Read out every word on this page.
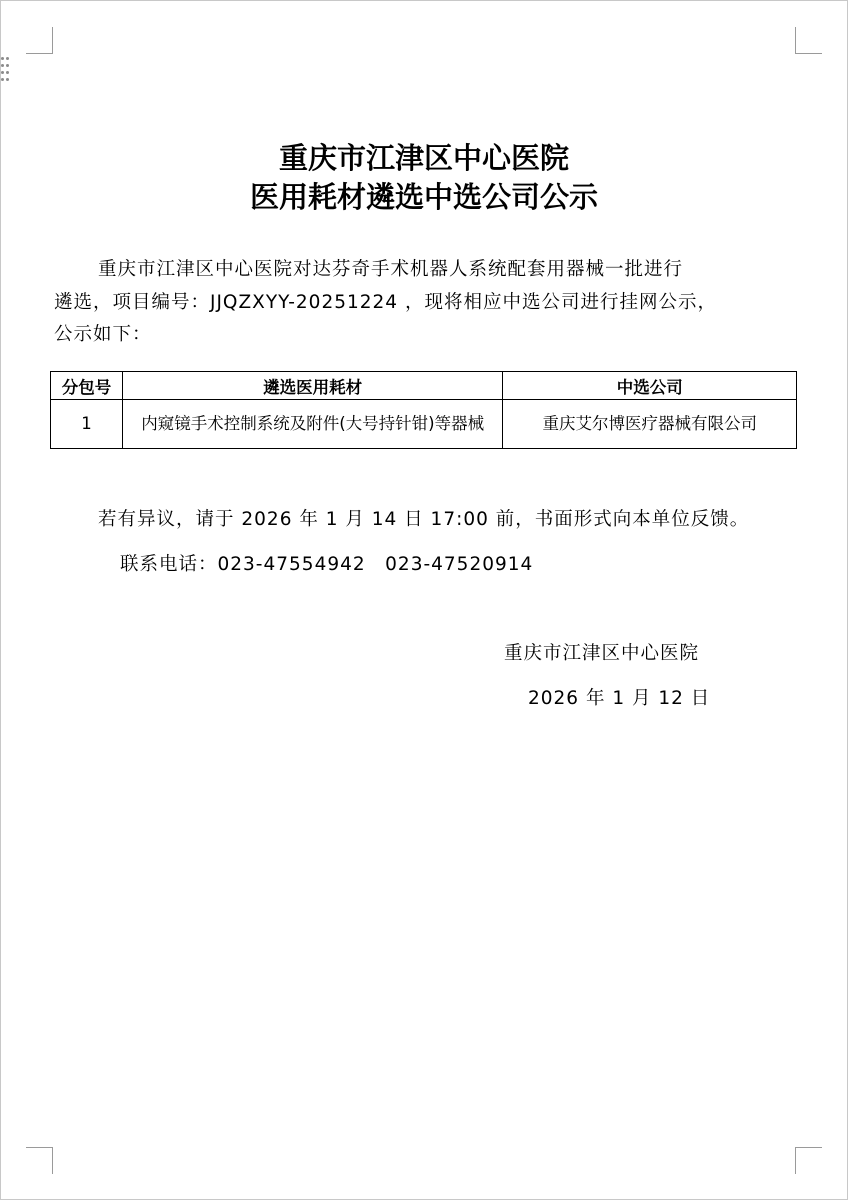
重庆市江津区中心医院
医用耗材遴选中选公司公示
重庆市江津区中心医院对达芬奇手术机器人系统配套用器械一批进行
遴选，项目编号：JJQZXYY-20251224 ，现将相应中选公司进行挂网公示，
公示如下：
分包号	遴选医用耗材	中选公司
1	内窥镜手术控制系统及附件(大号持针钳)等器械	重庆艾尔博医疗器械有限公司
若有异议，请于 2026 年 1 月 14 日 17:00 前，书面形式向本单位反馈。
联系电话：023-47554942　023-47520914
重庆市江津区中心医院
2026 年 1 月 12 日
